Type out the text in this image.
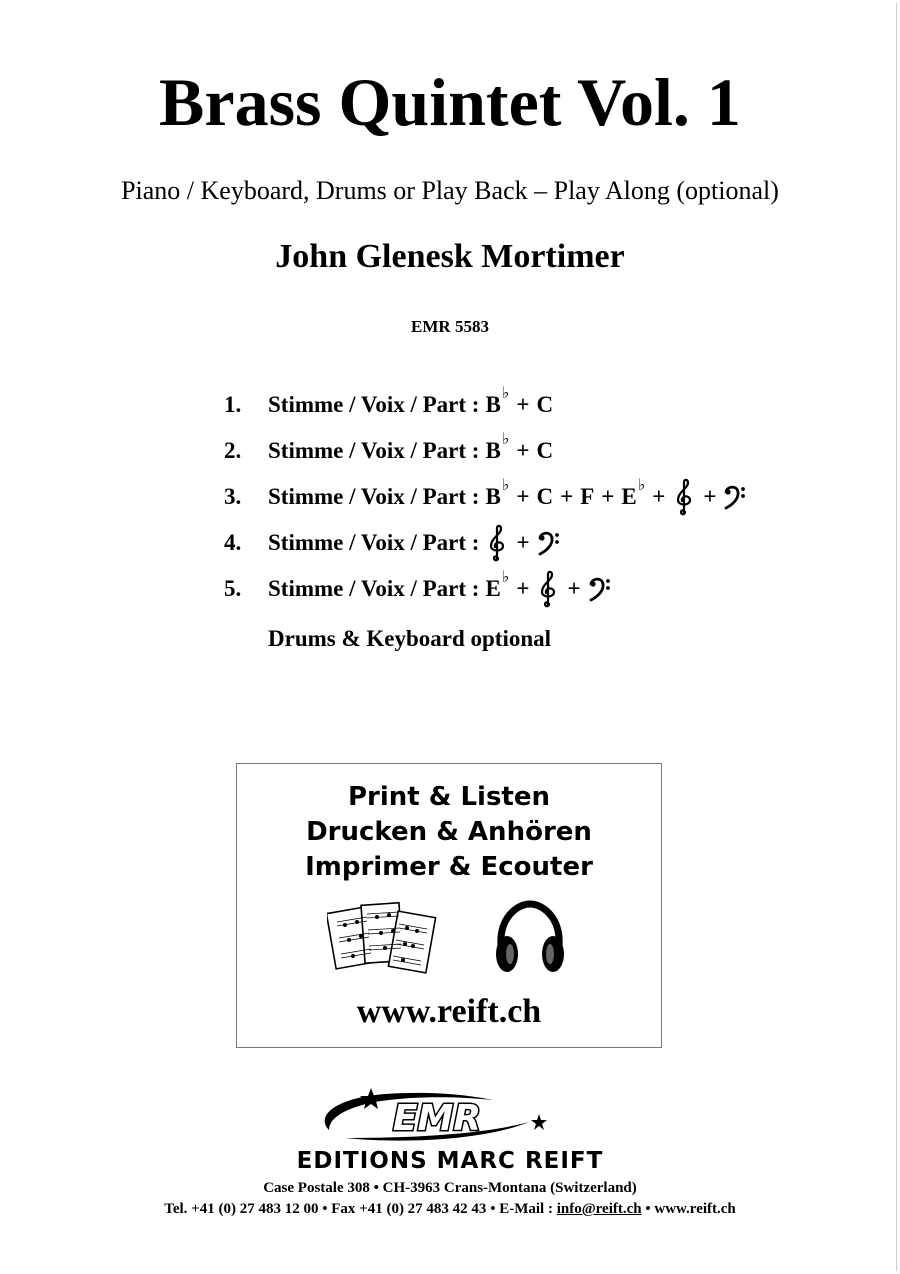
Brass Quintet Vol. 1
Piano / Keyboard, Drums or Play Back – Play Along (optional)
John Glenesk Mortimer
EMR 5583
1.	Stimme / Voix / Part : B ♭ + C
2.	Stimme / Voix / Part : B ♭ + C
3.	Stimme / Voix / Part : B ♭ + C + F + E ♭ + +
4.	Stimme / Voix / Part : +
5.	Stimme / Voix / Part : E ♭ + +
Drums & Keyboard optional
Print & Listen
Drucken & Anhören
Imprimer & Ecouter
www.reift.ch
EMR
EDITIONS MARC REIFT
Case Postale 308 • CH-3963 Crans-Montana (Switzerland)
Tel. +41 (0) 27 483 12 00 • Fax +41 (0) 27 483 42 43 • E-Mail : info@reift.ch • www.reift.ch
